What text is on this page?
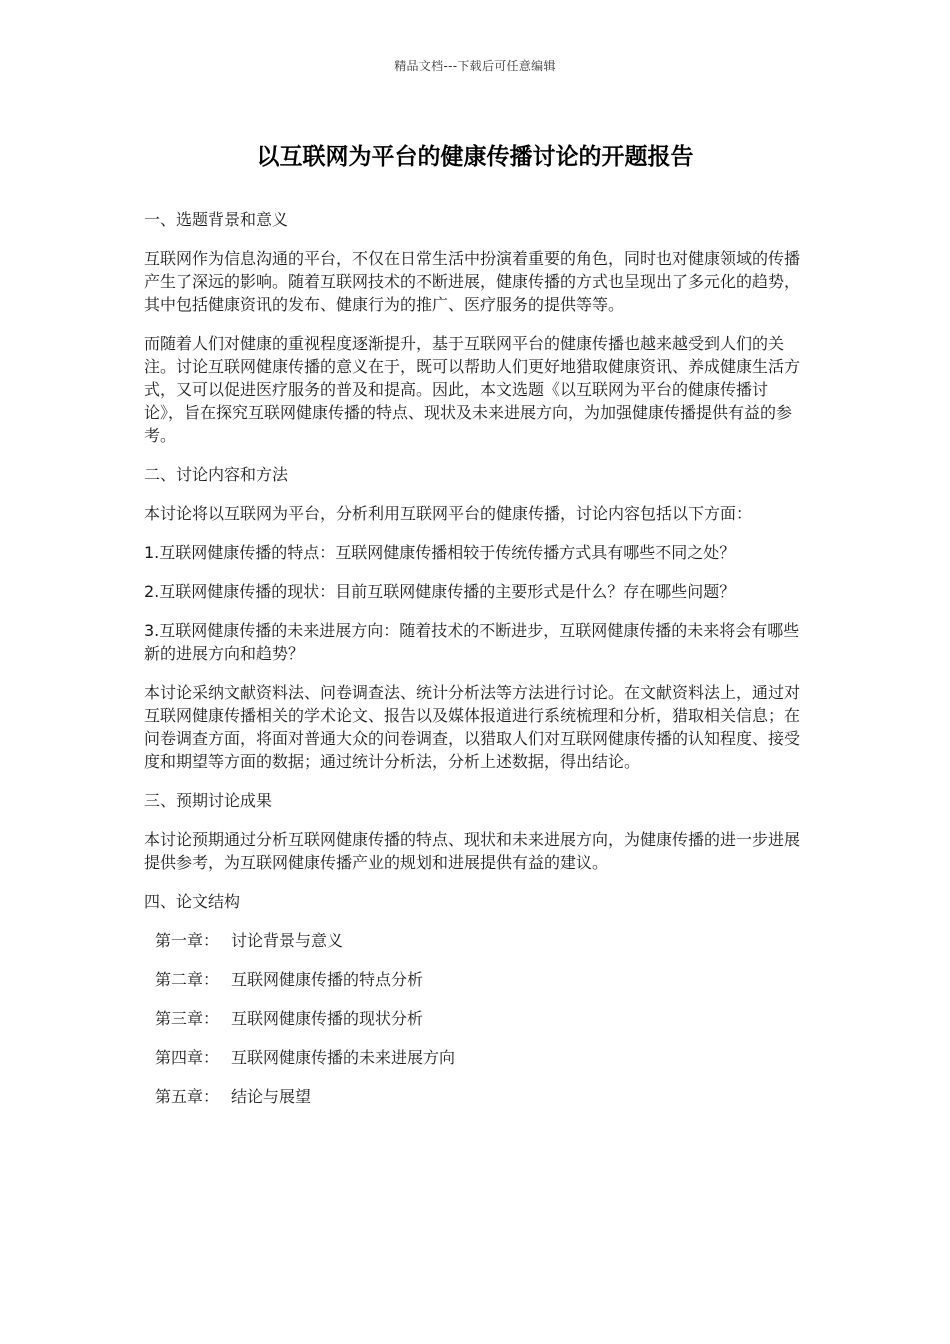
精品文档---下载后可任意编辑
以互联网为平台的健康传播讨论的开题报告
一、选题背景和意义

互联网作为信息沟通的平台，不仅在日常生活中扮演着重要的角色，同时也对健康领域的传播产生了深远的影响。随着互联网技术的不断进展，健康传播的方式也呈现出了多元化的趋势，其中包括健康资讯的发布、健康行为的推广、医疗服务的提供等等。

而随着人们对健康的重视程度逐渐提升，基于互联网平台的健康传播也越来越受到人们的关注。讨论互联网健康传播的意义在于，既可以帮助人们更好地猎取健康资讯、养成健康生活方式，又可以促进医疗服务的普及和提高。因此，本文选题《以互联网为平台的健康传播讨论》，旨在探究互联网健康传播的特点、现状及未来进展方向，为加强健康传播提供有益的参考。

二、讨论内容和方法

本讨论将以互联网为平台，分析利用互联网平台的健康传播，讨论内容包括以下方面：

1.互联网健康传播的特点：互联网健康传播相较于传统传播方式具有哪些不同之处？

2.互联网健康传播的现状：目前互联网健康传播的主要形式是什么？存在哪些问题？

3.互联网健康传播的未来进展方向：随着技术的不断进步，互联网健康传播的未来将会有哪些新的进展方向和趋势？

本讨论采纳文献资料法、问卷调查法、统计分析法等方法进行讨论。在文献资料法上，通过对互联网健康传播相关的学术论文、报告以及媒体报道进行系统梳理和分析，猎取相关信息；在问卷调查方面，将面对普通大众的问卷调查，以猎取人们对互联网健康传播的认知程度、接受度和期望等方面的数据；通过统计分析法，分析上述数据，得出结论。

三、预期讨论成果

本讨论预期通过分析互联网健康传播的特点、现状和未来进展方向，为健康传播的进一步进展提供参考，为互联网健康传播产业的规划和进展提供有益的建议。

四、论文结构
第一章： 讨论背景与意义
第二章： 互联网健康传播的特点分析
第三章： 互联网健康传播的现状分析
第四章： 互联网健康传播的未来进展方向
第五章： 结论与展望
